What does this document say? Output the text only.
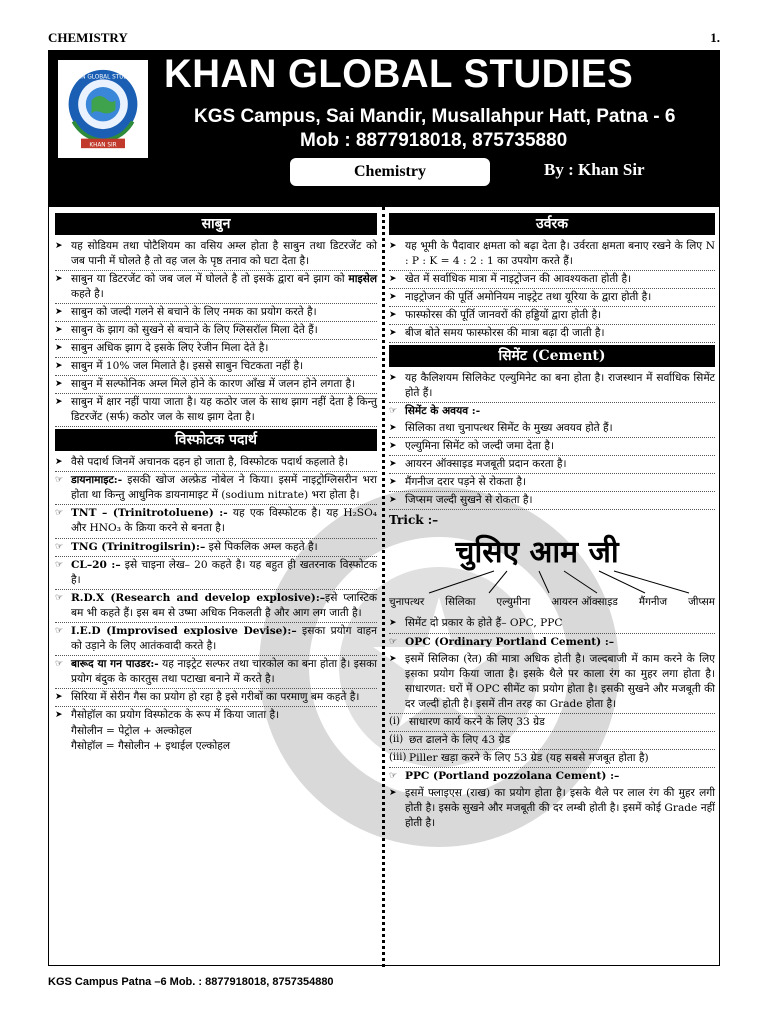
CHEMISTRY	1.
KHAN SIR
KHAN GLOBAL STUDIES KHAN GLOBAL STUDIES
KGS Campus, Sai Mandir, Musallahpur Hatt, Patna - 6
Mob : 8877918018, 875735880
Chemistry	By : Khan Sir
साबुन
➤ यह सोडियम तथा पोटैशियम का वसिय अम्ल होता है साबुन तथा डिटरजेंट को जब पानी में घोलते है तो वह जल के पृष्ठ तनाव को घटा देता है।
➤ साबुन या डिटरजेंट को जब जल में घोलते है तो इसके द्वारा बने झाग को माइसेल कहते है।
➤ साबुन को जल्दी गलने से बचाने के लिए नमक का प्रयोग करते है।
➤ साबुन के झाग को सुखने से बचाने के लिए ग्लिसरॉल मिला देते हैं।
➤ साबुन अधिक झाग दे इसके लिए रेजीन मिला देते है।
➤ साबुन में 10% जल मिलाते है। इससे साबुन चिटकता नहीं है।
➤ साबुन में सल्फोनिक अम्ल मिले होने के कारण आँख में जलन होने लगता है।
➤ साबुन में क्षार नहीं पाया जाता है। यह कठोर जल के साथ झाग नहीं देता है किन्तु डिटरजेंट (सर्फ) कठोर जल के साथ झाग देता है।
विस्फोटक पदार्थ
➤ वैसे पदार्थ जिनमें अचानक दहन हो जाता है, विस्फोटक पदार्थ कहलाते है।
☞ डायनामाइट:- इसकी खोज अल्फ्रेड नोबेल ने किया। इसमें नाइट्रोग्लिसरीन भरा होता था किन्तु आधुनिक डायनामाइट में (sodium nitrate) भरा होता है।
☞ TNT – (Trinitrotoluene) :- यह एक विस्फोटक है। यह H₂SO₄ और HNO₃ के क्रिया करने से बनता है।
☞ TNG (Trinitrogilsrin):– इसे पिकलिक अम्ल कहते है।
☞ CL–20 :– इसे चाइना लेख– 20 कहते है। यह बहुत ही खतरनाक विस्फोटक है।
☞ R.D.X (Research and develop explosive):–इसे प्लास्टिक बम भी कहते हैं। इस बम से उष्मा अधिक निकलती है और आग लग जाती है।
☞ I.E.D (Improvised explosive Devise):– इसका प्रयोग वाहन को उड़ाने के लिए आतंकवादी करते है।
☞ बारूद या गन पाउडर:- यह नाइट्रेट सल्फर तथा चारकोल का बना होता है। इसका प्रयोग बंदुक के कारतुस तथा पटाखा बनाने में करते है।
➤ सिरिया में सेरीन गैस का प्रयोग हो रहा है इसे गरीबों का परमाणु बम कहते है।
➤ गैसोहॉल का प्रयोग विस्फोटक के रूप में किया जाता है।
गैसोलीन = पेट्रोल + अल्कोहल
गैसोहॉल = गैसोलीन + इथाईल एल्कोहल
उर्वरक
➤ यह भूमी के पैदावार क्षमता को बढ़ा देता है। उर्वरता क्षमता बनाए रखने के लिए N : P : K = 4 : 2 : 1 का उपयोग करते हैं।
➤ खेत में सर्वाधिक मात्रा में नाइट्रोजन की आवश्यकता होती है।
➤ नाइट्रोजन की पूर्ति अमोनियम नाइट्रेट तथा यूरिया के द्वारा होती है।
➤ फास्फोरस की पूर्ति जानवरों की हड्डियों द्वारा होती है।
➤ बीज बोते समय फास्फोरस की मात्रा बढ़ा दी जाती है।
सिमेंट (Cement)
➤ यह कैलिशयम सिलिकेट एल्युमिनेट का बना होता है। राजस्थान में सर्वाधिक सिमेंट होते हैं।
☞ सिमेंट के अवयव :-
➤ सिलिका तथा चुनापत्थर सिमेंट के मुख्य अवयव होते हैं।
➤ एल्युमिना सिमेंट को जल्दी जमा देता है।
➤ आयरन ऑक्साइड मजबूती प्रदान करता है।
➤ मैंगनीज दरार पड़ने से रोकता है।
➤ जिप्सम जल्दी सुखने से रोकता है।
Trick :–
चुसिए आम जी
चुनापत्थर सिलिका एल्युमीना आयरन ऑक्साइड मैंगनीज जीप्सम
➤ सिमेंट दो प्रकार के होते हैं– OPC, PPC
☞ OPC (Ordinary Portland Cement) :–
➤ इसमें सिलिका (रेत) की मात्रा अधिक होती है। जल्दबाजी में काम करने के लिए इसका प्रयोग किया जाता है। इसके थैले पर काला रंग का मुहर लगा होता है। साधारणत: घरों में OPC सीमेंट का प्रयोग होता है। इसकी सुखने और मजबूती की दर जल्दी होती है। इसमें तीन तरह का Grade होता है।
(i) साधारण कार्य करने के लिए 33 ग्रेड
(ii) छत ढालने के लिए 43 ग्रेड
(iii) Piller खड़ा करने के लिए 53 ग्रेड (यह सबसे मजबूत होता है)
☞ PPC (Portland pozzolana Cement) :–
➤ इसमें फ्लाइएस (राख) का प्रयोग होता है। इसके थैले पर लाल रंग की मुहर लगी होती है। इसके सुखने और मजबूती की दर लम्बी होती है। इसमें कोई Grade नहीं होती है।
KGS Campus Patna –6 Mob. : 8877918018, 8757354880
